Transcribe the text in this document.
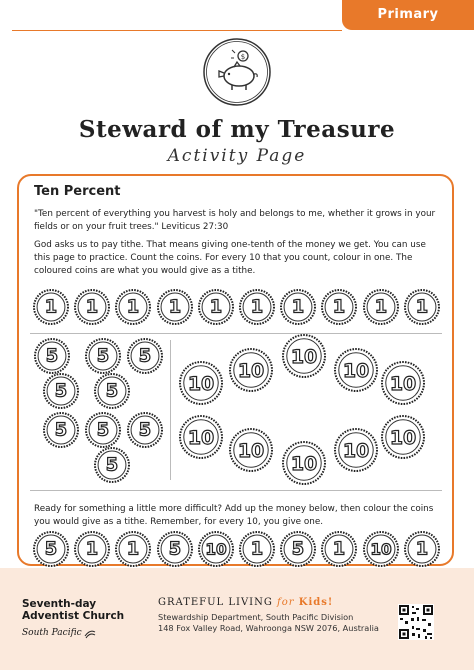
Primary
$
Steward of my Treasure
Activity Page
Ten Percent
"Ten percent of everything you harvest is holy and belongs to me, whether it grows in your fields or on your fruit trees." Leviticus 27:30
God asks us to pay tithe. That means giving one-tenth of the money we get. You can use this page to practice. Count the coins. For every 10 that you count, colour in one. The coloured coins are what you would give as a tithe.
1 1 1 1 1 1 1 1 1 1
5 5 5
5
5
5 5 5
5
10
10
10
10
10
10
10
10
10
10
Ready for something a little more difficult? Add up the money below, then colour the coins you would give as a tithe. Remember, for every 10, you give one.
5 1 1 5 10 1 5 1 10 1
Seventh-day
Adventist Church
South Pacific
GRATEFUL LIVING for Kids!
Stewardship Department, South Pacific Division
148 Fox Valley Road, Wahroonga NSW 2076, Australia
